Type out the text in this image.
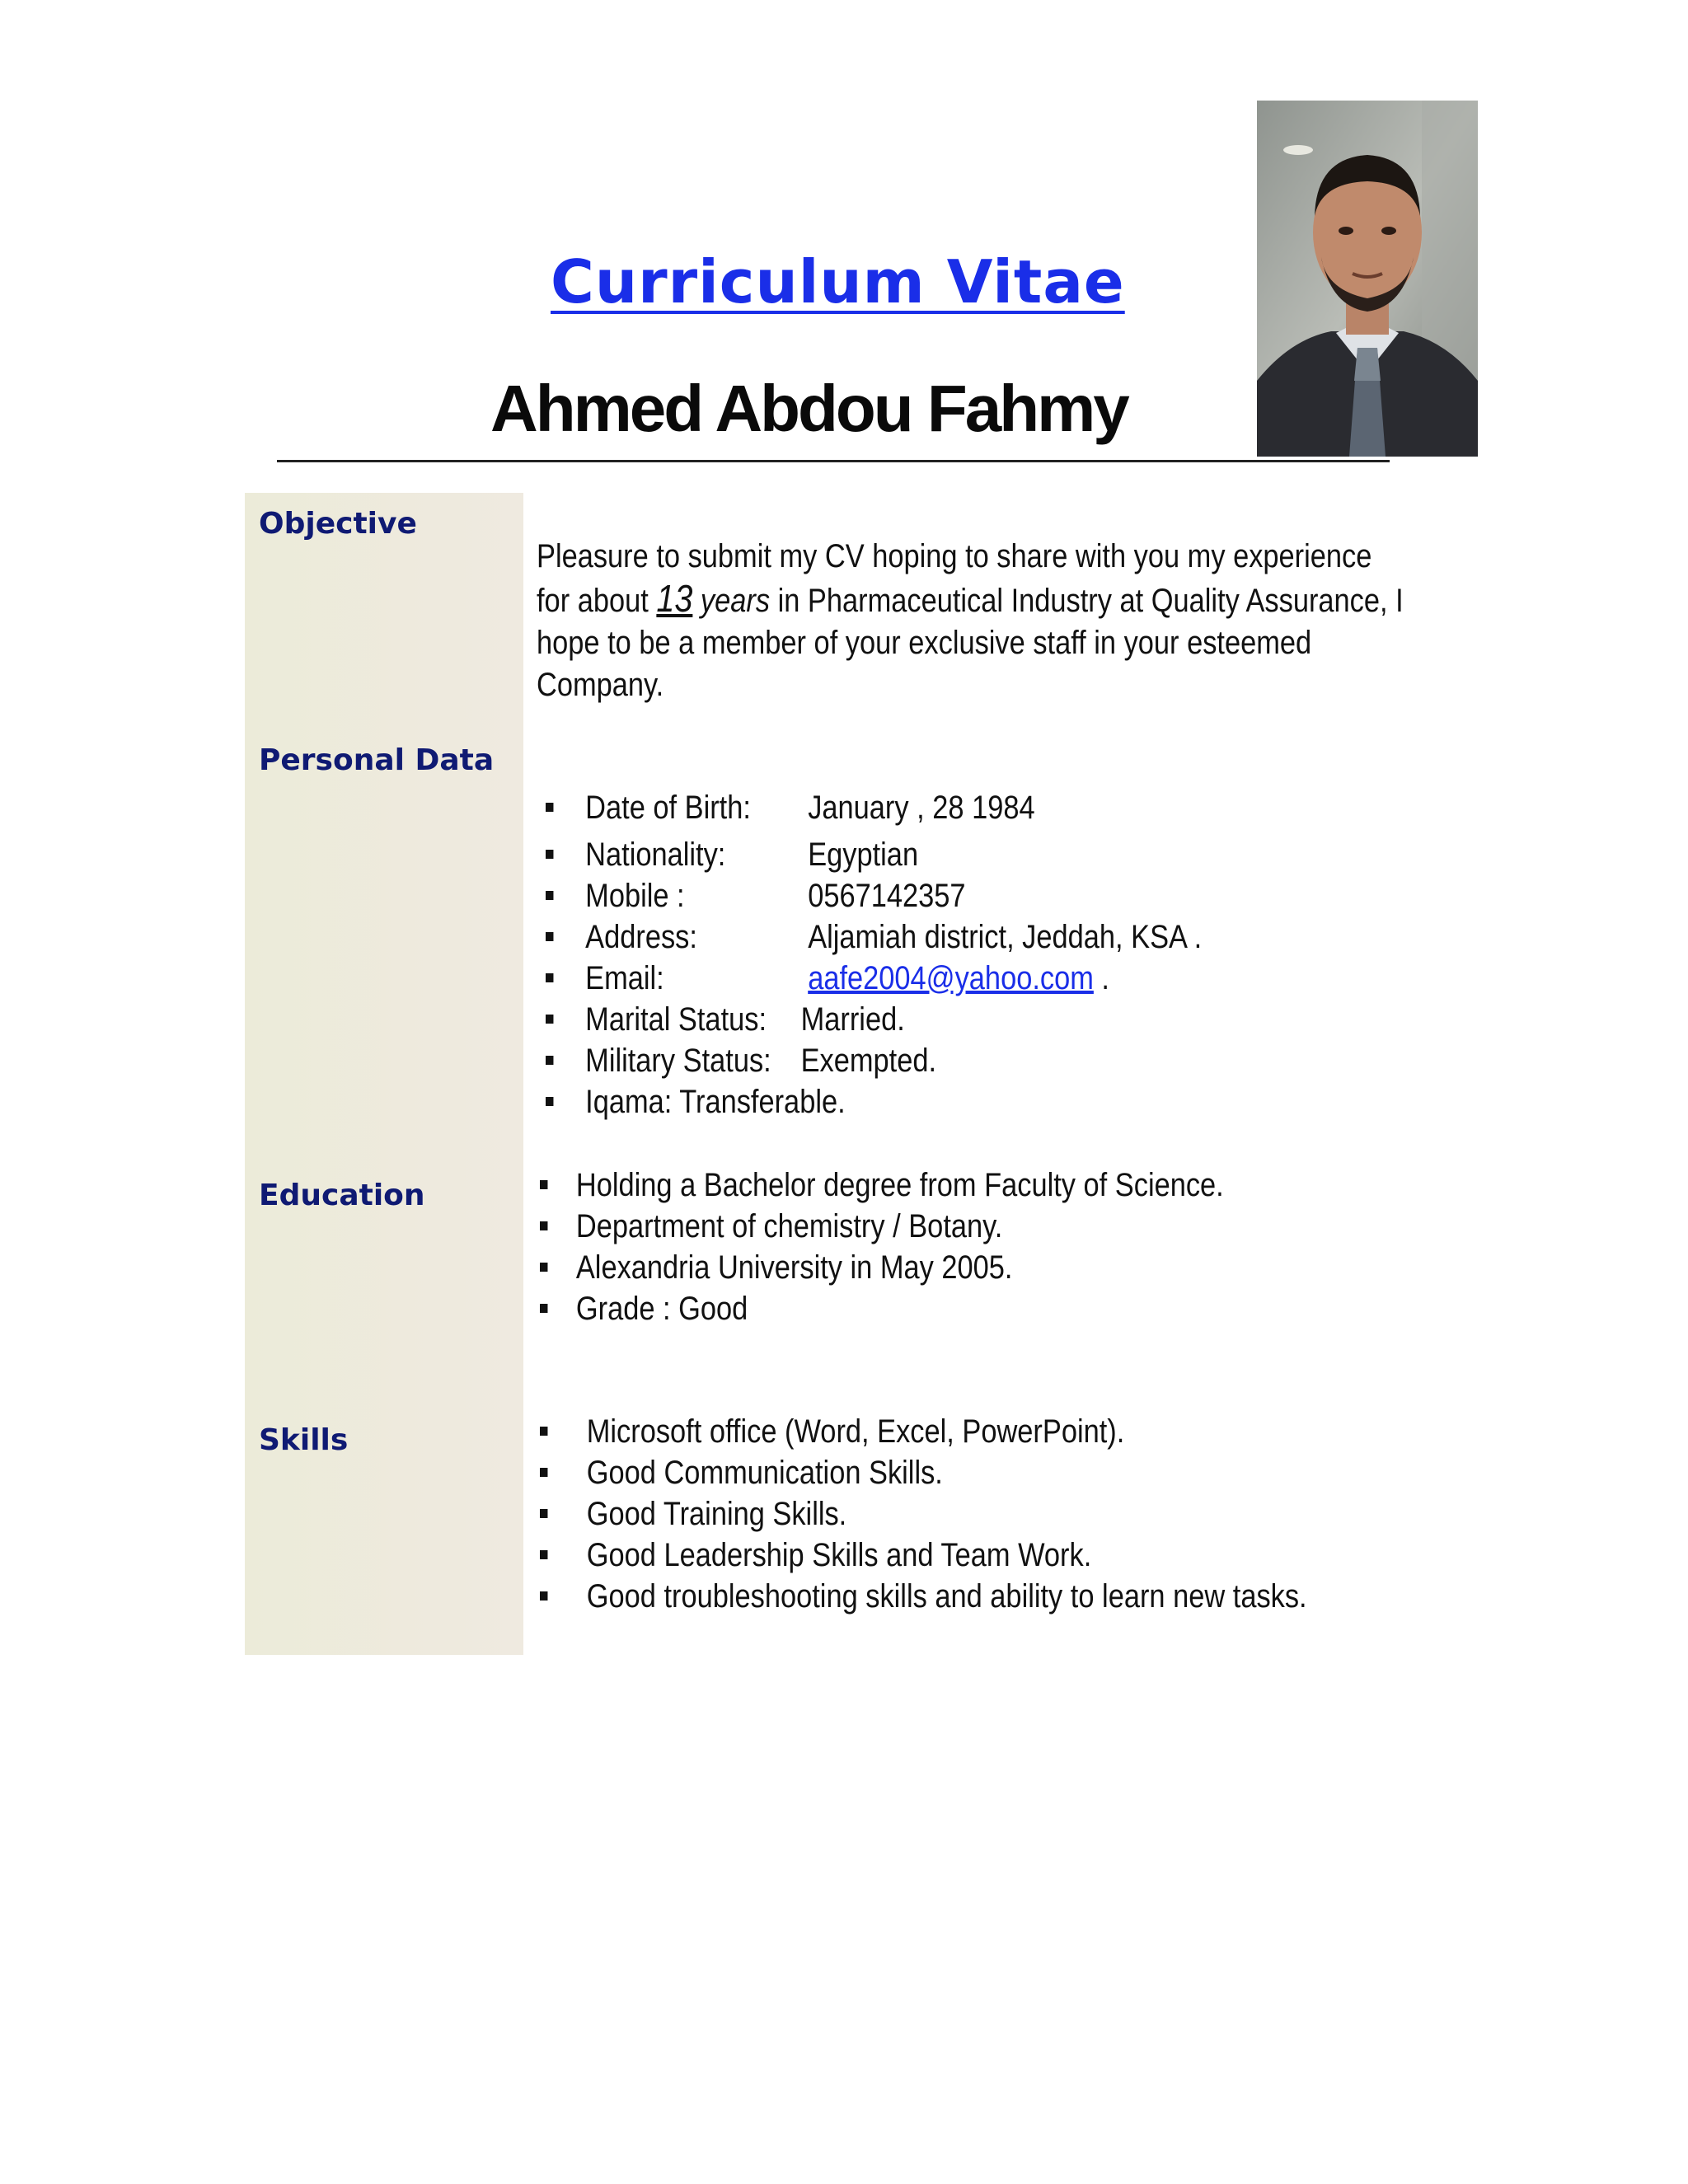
Curriculum Vitae
Ahmed Abdou Fahmy
Objective
Personal Data
Education
Skills
Pleasure to submit my CV hoping to share with you my experience
for about 13 years in Pharmaceutical Industry at Quality Assurance, I
hope to be a member of your exclusive staff in your esteemed
Company.
Date of Birth: January , 28 1984
Nationality: Egyptian
Mobile :	0567142357
Address:	Aljamiah district, Jeddah, KSA .
Email:	aafe2004@yahoo.com .
Marital Status: Married.
Military Status: Exempted.
Iqama: Transferable.
Holding a Bachelor degree from Faculty of Science.
Department of chemistry / Botany.
Alexandria University in May 2005.
Grade : Good
Microsoft office (Word, Excel, PowerPoint).
Good Communication Skills.
Good Training Skills.
Good Leadership Skills and Team Work.
Good troubleshooting skills and ability to learn new tasks.
